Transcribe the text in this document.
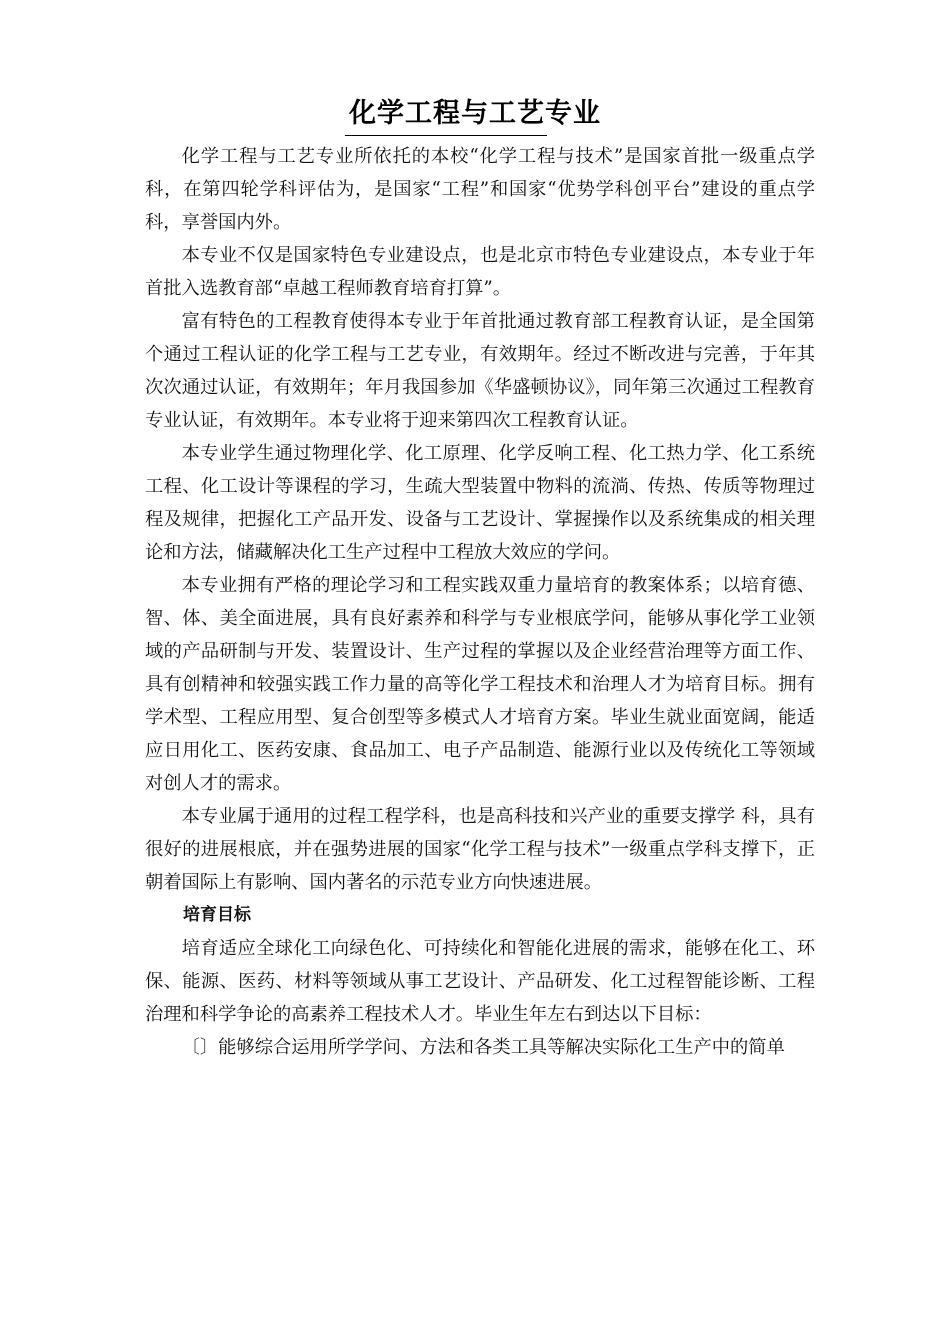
化学工程与工艺专业

化学工程与工艺专业所依托的本校“化学工程与技术”是国家首批一级重点学科，在第四轮学科评估为，是国家“工程”和国家“优势学科创平台”建设的重点学科，享誉国内外。

本专业不仅是国家特色专业建设点，也是北京市特色专业建设点，本专业于年首批入选教育部“卓越工程师教育培育打算”。

富有特色的工程教育使得本专业于年首批通过教育部工程教育认证，是全国第个通过工程认证的化学工程与工艺专业，有效期年。经过不断改进与完善，于年其次次通过认证，有效期年；年月我国参加《华盛顿协议》，同年第三次通过工程教育专业认证，有效期年。本专业将于迎来第四次工程教育认证。

本专业学生通过物理化学、化工原理、化学反响工程、化工热力学、化工系统工程、化工设计等课程的学习，生疏大型装置中物料的流淌、传热、传质等物理过程及规律，把握化工产品开发、设备与工艺设计、掌握操作以及系统集成的相关理论和方法，储藏解决化工生产过程中工程放大效应的学问。

本专业拥有严格的理论学习和工程实践双重力量培育的教案体系；以培育德、智、体、美全面进展，具有良好素养和科学与专业根底学问，能够从事化学工业领域的产品研制与开发、装置设计、生产过程的掌握以及企业经营治理等方面工作、具有创精神和较强实践工作力量的高等化学工程技术和治理人才为培育目标。拥有学术型、工程应用型、复合创型等多模式人才培育方案。毕业生就业面宽阔，能适应日用化工、医药安康、食品加工、电子产品制造、能源行业以及传统化工等领域对创人才的需求。

本专业属于通用的过程工程学科，也是高科技和兴产业的重要支撑学 科，具有很好的进展根底，并在强势进展的国家“化学工程与技术”一级重点学科支撑下，正朝着国际上有影响、国内著名的示范专业方向快速进展。

培育目标

培育适应全球化工向绿色化、可持续化和智能化进展的需求，能够在化工、环保、能源、医药、材料等领域从事工艺设计、产品研发、化工过程智能诊断、工程治理和科学争论的高素养工程技术人才。毕业生年左右到达以下目标：

〔〕能够综合运用所学学问、方法和各类工具等解决实际化工生产中的简单
